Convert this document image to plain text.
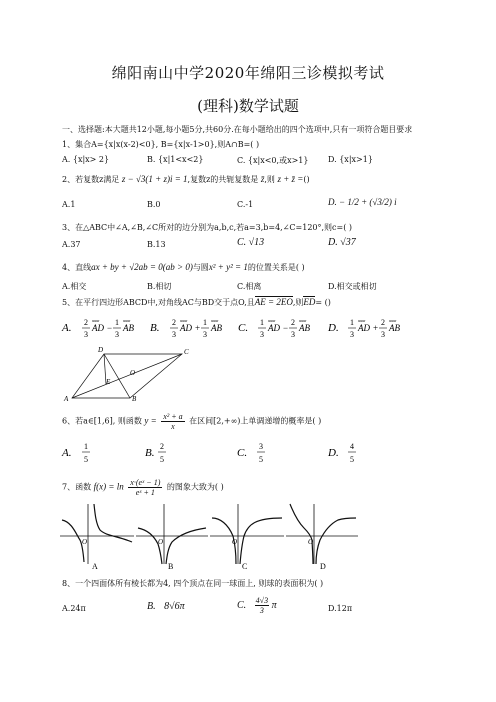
绵阳南山中学2020年绵阳三诊模拟考试
(理科)数学试题
一、选择题:本大题共12小题,每小题5分,共60分.在每小题给出的四个选项中,只有一项符合题目要求
1、集合A={x|x(x-2)<0}, B={x|x-1>0},则A∩B=( )
A. {x|x> 2}	B. {x|1<x<2}	C. {x|x<0,或x>1} D. {x|x>1}
2、若复数z满足 z − √3(1 + z)i = 1,复数z的共轭复数是 z̄,则 z + z̄ =()
A.1	B.0	C.-1	D. − 1/2 + (√3/2) i
3、在△ABC中∠A,∠B,∠C所对的边分别为a,b,c,若a=3,b=4,∠C=120°,则c=( )
A.37	B.13	C. √13	D. √37
4、直线ax + by + √2ab = 0(ab > 0)与圆x² + y² = 1的位置关系是( )
A.相交	B.相切	C.相离	D.相交或相切
5、在平行四边形ABCD中,对角线AC与BD交于点O,且AE = 2EO,则ED= ()
A. 2
3
uuur
AD −
1
3
uuur
AB B. 2
3
uuur
AD +
1
3
uuur
AB C. 1
3
uuur
AD −
2
3
uuur
AB D. 1
3
uuur
AD +
2
3
uuur
AB
D	C
O
E
A	B
6、若a∈[1,6], 则函数 $y = \frac{\text{x² + a}}{x}$ 在区间[2,+∞)上单调递增的概率是( )
A.
1
5
B.
2
5
C.
3
5
D.
4
5
7、函数 $f(x) = \ln \frac{\text{x·(eˣ − 1)}}{\text{eˣ + 1}}$ 的图象大致为( )
O	O	O	O
A	B	C	D
8、一个四面体所有棱长都为4, 四个顶点在同一球面上, 则球的表面积为( )
A.24π	B. 8√6π	C. $\frac{4√3}{3}$ π	D.12π
